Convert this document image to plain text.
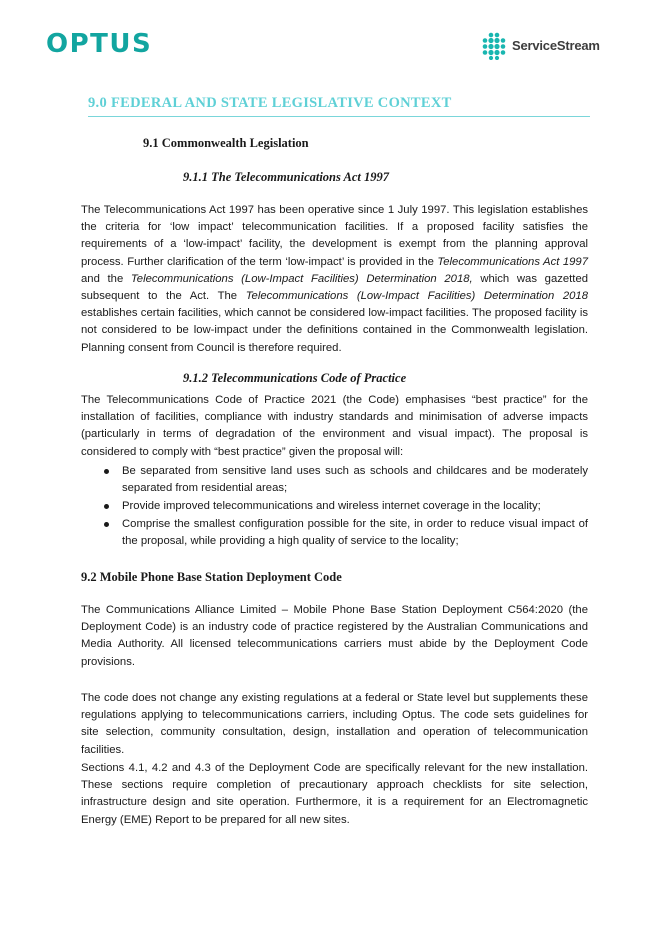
OPTUS	ServiceStream
9.0 FEDERAL AND STATE LEGISLATIVE CONTEXT
9.1 Commonwealth Legislation
9.1.1 The Telecommunications Act 1997
The Telecommunications Act 1997 has been operative since 1 July 1997. This legislation establishes the criteria for ‘low impact’ telecommunication facilities. If a proposed facility satisfies the requirements of a ‘low-impact’ facility, the development is exempt from the planning approval process. Further clarification of the term ‘low-impact’ is provided in the Telecommunications Act 1997 and the Telecommunications (Low-Impact Facilities) Determination 2018, which was gazetted subsequent to the Act. The Telecommunications (Low-Impact Facilities) Determination 2018 establishes certain facilities, which cannot be considered low-impact facilities. The proposed facility is not considered to be low-impact under the definitions contained in the Commonwealth legislation. Planning consent from Council is therefore required.
9.1.2 Telecommunications Code of Practice
The Telecommunications Code of Practice 2021 (the Code) emphasises “best practice” for the installation of facilities, compliance with industry standards and minimisation of adverse impacts (particularly in terms of degradation of the environment and visual impact). The proposal is considered to comply with “best practice” given the proposal will:
Be separated from sensitive land uses such as schools and childcares and be moderately separated from residential areas;
Provide improved telecommunications and wireless internet coverage in the locality;
Comprise the smallest configuration possible for the site, in order to reduce visual impact of the proposal, while providing a high quality of service to the locality;
9.2 Mobile Phone Base Station Deployment Code
The Communications Alliance Limited – Mobile Phone Base Station Deployment C564:2020 (the Deployment Code) is an industry code of practice registered by the Australian Communications and Media Authority. All licensed telecommunications carriers must abide by the Deployment Code provisions.
The code does not change any existing regulations at a federal or State level but supplements these regulations applying to telecommunications carriers, including Optus. The code sets guidelines for site selection, community consultation, design, installation and operation of telecommunication facilities.
Sections 4.1, 4.2 and 4.3 of the Deployment Code are specifically relevant for the new installation. These sections require completion of precautionary approach checklists for site selection, infrastructure design and site operation. Furthermore, it is a requirement for an Electromagnetic Energy (EME) Report to be prepared for all new sites.
